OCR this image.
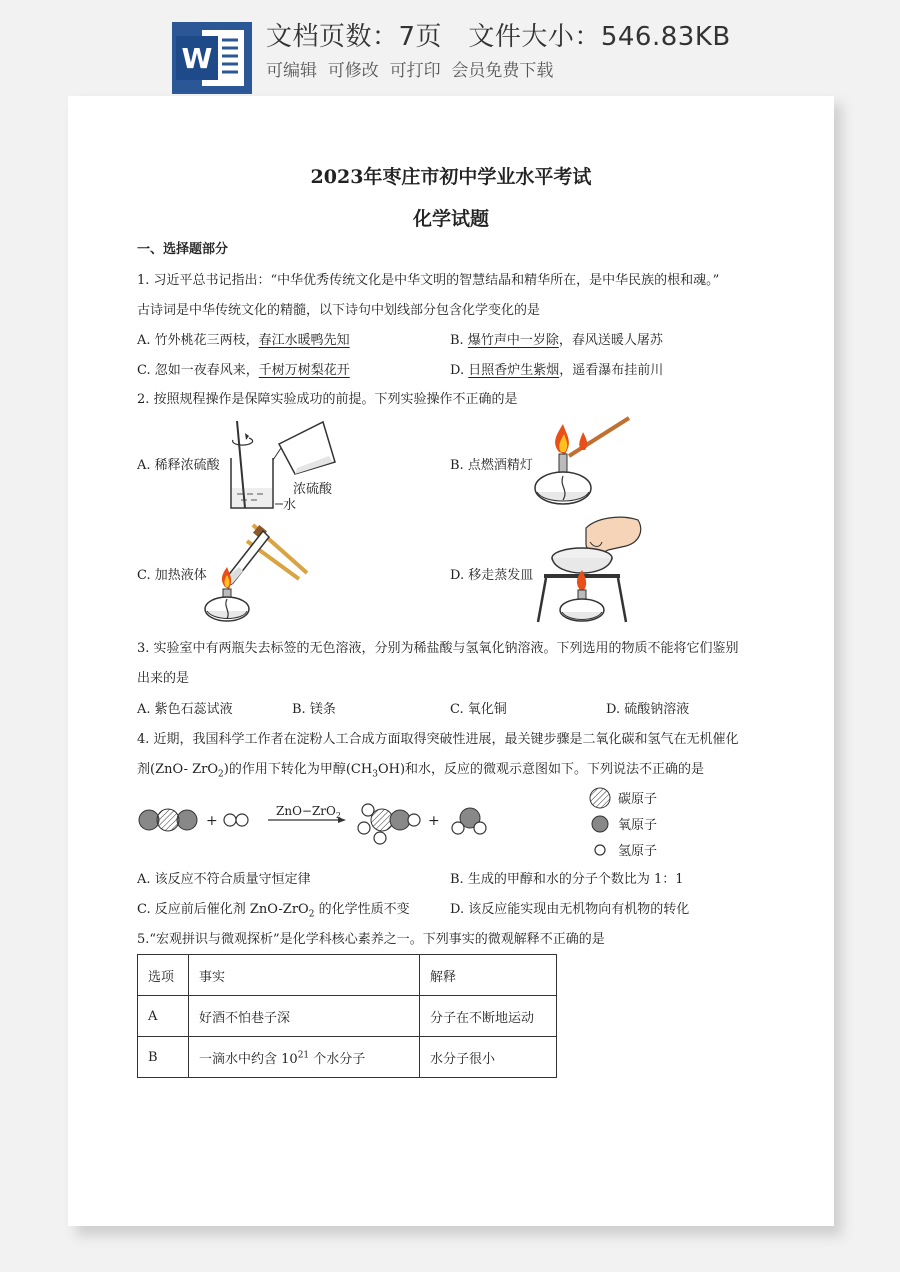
W
文档页数：7页 文件大小：546.83KB
可编辑  可修改  可打印  会员免费下载
2023年枣庄市初中学业水平考试
化学试题
一、选择题部分
1. 习近平总书记指出：“中华优秀传统文化是中华文明的智慧结晶和精华所在，是中华民族的根和魂。”
古诗词是中华传统文化的精髓，以下诗句中划线部分包含化学变化的是
A. 竹外桃花三两枝，春江水暖鸭先知	B. 爆竹声中一岁除，春风送暖人屠苏
C. 忽如一夜春风来，千树万树梨花开	D. 日照香炉生紫烟，遥看瀑布挂前川
2. 按照规程操作是保障实验成功的前提。下列实验操作不正确的是
A. 稀释浓硫酸	B. 点燃酒精灯
C. 加热液体	D. 移走蒸发皿
浓硫酸
水
3. 实验室中有两瓶失去标签的无色溶液，分别为稀盐酸与氢氧化钠溶液。下列选用的物质不能将它们鉴别
出来的是
A. 紫色石蕊试液	B. 镁条	C. 氧化铜	D. 硫酸钠溶液
4. 近期，我国科学工作者在淀粉人工合成方面取得突破性进展，最关键步骤是二氧化碳和氢气在无机催化
剂(ZnO- ZrO$_2$)的作用下转化为甲醇$(CH_3OH)$和水，反应的微观示意图如下。下列说法不正确的是
+
ZnO−ZrO$_2$	+
碳原子
氧原子
氢原子
A. 该反应不符合质量守恒定律	B. 生成的甲醇和水的分子个数比为 1：1
C. 反应前后催化剂 ZnO-ZrO$_2$ 的化学性质不变	D. 该反应能实现由无机物向有机物的转化
5.“宏观拼识与微观探析”是化学科核心素养之一。下列事实的微观解释不正确的是
选项	事实	解释
A	好酒不怕巷子深	分子在不断地运动
B	一滴水中约含 $10^{21}$ 个水分子	水分子很小
